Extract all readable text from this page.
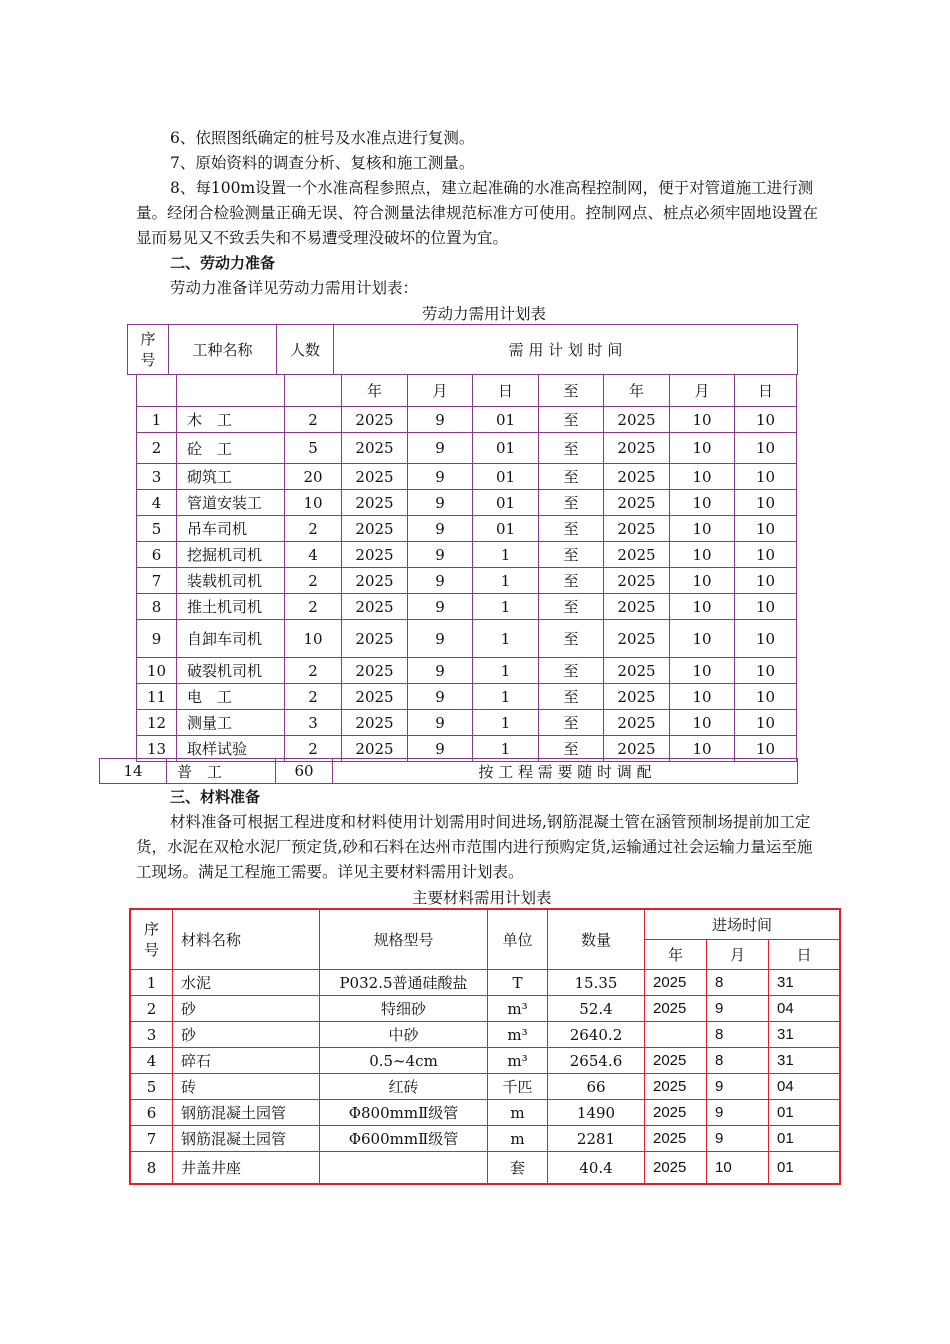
6、依照图纸确定的桩号及水准点进行复测。

7、原始资料的调查分析、复核和施工测量。

8、每100m设置一个水准高程参照点，建立起准确的水准高程控制网，便于对管道施工进行测量。经闭合检验测量正确无误、符合测量法律规范标准方可使用。控制网点、桩点必须牢固地设置在显而易见又不致丢失和不易遭受理没破坏的位置为宜。

二、劳动力准备

劳动力准备详见劳动力需用计划表：

劳动力需用计划表
序号	工种名称	人数	需 用 计 划 时 间
			年	月	日	至	年	月	日
1	木　工	2	2025	9	01	至	2025	10	10
2	砼　工	5	2025	9	01	至	2025	10	10
3	砌筑工	20	2025	9	01	至	2025	10	10
4	管道安装工	10	2025	9	01	至	2025	10	10
5	吊车司机	2	2025	9	01	至	2025	10	10
6	挖掘机司机	4	2025	9	1	至	2025	10	10
7	装载机司机	2	2025	9	1	至	2025	10	10
8	推土机司机	2	2025	9	1	至	2025	10	10
9	自卸车司机	10	2025	9	1	至	2025	10	10
10	破裂机司机	2	2025	9	1	至	2025	10	10
11	电　工	2	2025	9	1	至	2025	10	10
12	测量工	3	2025	9	1	至	2025	10	10
13	取样试验	2	2025	9	1	至	2025	10	10
14	普　工	60	按 工 程 需 要 随 时 调 配
三、材料准备

材料准备可根据工程进度和材料使用计划需用时间进场,钢筋混凝土管在涵管预制场提前加工定货，水泥在双枪水泥厂预定货,砂和石料在达州市范围内进行预购定货,运输通过社会运输力量运至施工现场。满足工程施工需要。详见主要材料需用计划表。

主要材料需用计划表
序号	材料名称	规格型号	单位	数量	进场时间		
					年	月	日
1	水泥	P032.5普通硅酸盐	T	15.35	2025	8	31
2	砂	特细砂	m³	52.4	2025	9	04
3	砂	中砂	m³	2640.2		8	31
4	碎石	0.5~4cm	m³	2654.6	2025	8	31
5	砖	红砖	千匹	66	2025	9	04
6	钢筋混凝土园管	Φ800mmⅡ级管	m	1490	2025	9	01
7	钢筋混凝土园管	Φ600mmⅡ级管	m	2281	2025	9	01
8	井盖井座		套	40.4	2025	10	01
